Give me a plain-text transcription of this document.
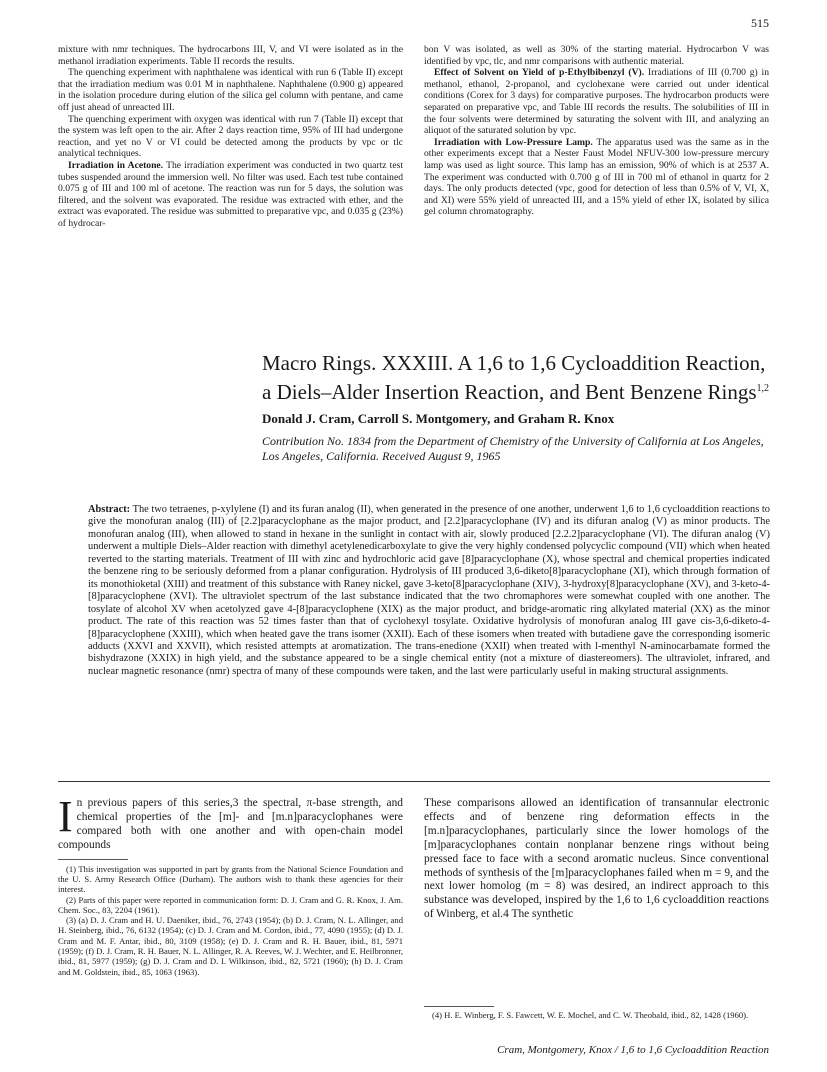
515

mixture with nmr techniques. The hydrocarbons III, V, and VI were isolated as in the methanol irradiation experiments. Table II records the results.

The quenching experiment with naphthalene was identical with run 6 (Table II) except that the irradiation medium was 0.01 M in naphthalene. Naphthalene (0.900 g) appeared in the isolation procedure during elution of the silica gel column with pentane, and came off just ahead of unreacted III.

The quenching experiment with oxygen was identical with run 7 (Table II) except that the system was left open to the air. After 2 days reaction time, 95% of III had undergone reaction, and yet no V or VI could be detected among the products by vpc or tlc analytical techniques.

Irradiation in Acetone. The irradiation experiment was conducted in two quartz test tubes suspended around the immersion well. No filter was used. Each test tube contained 0.075 g of III and 100 ml of acetone. The reaction was run for 5 days, the solution was filtered, and the solvent was evaporated. The residue was extracted with ether, and the extract was evaporated. The residue was submitted to preparative vpc, and 0.035 g (23%) of hydrocar-

bon V was isolated, as well as 30% of the starting material. Hydrocarbon V was identified by vpc, tlc, and nmr comparisons with authentic material.

Effect of Solvent on Yield of p-Ethylbibenzyl (V). Irradiations of III (0.700 g) in methanol, ethanol, 2-propanol, and cyclohexane were carried out under identical conditions (Corex for 3 days) for comparative purposes. The hydrocarbon products were separated on preparative vpc, and Table III records the results. The solubilities of III in the four solvents were determined by saturating the solvent with III, and analyzing an aliquot of the saturated solution by vpc.

Irradiation with Low-Pressure Lamp. The apparatus used was the same as in the other experiments except that a Nester Faust Model NFUV-300 low-pressure mercury lamp was used as light source. This lamp has an emission, 90% of which is at 2537 A. The experiment was conducted with 0.700 g of III in 700 ml of ethanol in quartz for 2 days. The only products detected (vpc, good for detection of less than 0.5% of V, VI, X, and XI) were 55% yield of unreacted III, and a 15% yield of ether IX, isolated by silica gel column chromatography.

Macro Rings. XXXIII. A 1,6 to 1,6 Cycloaddition Reaction,
a Diels–Alder Insertion Reaction, and Bent Benzene Rings$^{1,2}$
Donald J. Cram, Carroll S. Montgomery, and Graham R. Knox
Contribution No. 1834 from the Department of Chemistry of the University of California at Los Angeles, Los Angeles, California. Received August 9, 1965
Abstract: The two tetraenes, p-xylylene (I) and its furan analog (II), when generated in the presence of one another, underwent 1,6 to 1,6 cycloaddition reactions to give the monofuran analog (III) of [2.2]paracyclophane as the major product, and [2.2]paracyclophane (IV) and its difuran analog (V) as minor products. The monofuran analog (III), when allowed to stand in hexane in the sunlight in contact with air, slowly produced [2.2.2]paracyclophane (VI). The difuran analog (V) underwent a multiple Diels–Alder reaction with dimethyl acetylenedicarboxylate to give the very highly condensed polycyclic compound (VII) which when heated reverted to the starting materials. Treatment of III with zinc and hydrochloric acid gave [8]paracyclophane (X), whose spectral and chemical properties indicated the benzene ring to be seriously deformed from a planar configuration. Hydrolysis of III produced 3,6-diketo[8]paracyclophane (XI), which through formation of its monothioketal (XIII) and treatment of this substance with Raney nickel, gave 3-keto[8]paracyclophane (XIV), 3-hydroxy[8]paracyclophane (XV), and 3-keto-4-[8]paracyclophene (XVI). The ultraviolet spectrum of the last substance indicated that the two chromaphores were somewhat coupled with one another. The tosylate of alcohol XV when acetolyzed gave 4-[8]paracyclophene (XIX) as the major product, and bridge-aromatic ring alkylated material (XX) as the minor product. The rate of this reaction was 52 times faster than that of cyclohexyl tosylate. Oxidative hydrolysis of monofuran analog III gave cis-3,6-diketo-4-[8]paracyclophene (XXIII), which when heated gave the trans isomer (XXII). Each of these isomers when treated with butadiene gave the corresponding isomeric adducts (XXVI and XXVII), which resisted attempts at aromatization. The trans-enedione (XXII) when treated with l-menthyl N-aminocarbamate formed the bishydrazone (XXIX) in high yield, and the substance appeared to be a single chemical entity (not a mixture of diastereomers). The ultraviolet, infrared, and nuclear magnetic resonance (nmr) spectra of many of these compounds were taken, and the last were particularly useful in making structural assignments.
In previous papers of this series,3 the spectral, π-base strength, and chemical properties of the [m]- and [m.n]paracyclophanes were compared both with one another and with open-chain model compounds

(1) This investigation was supported in part by grants from the National Science Foundation and the U. S. Army Research Office (Durham). The authors wish to thank these agencies for their interest.

(2) Parts of this paper were reported in communication form: D. J. Cram and G. R. Knox, J. Am. Chem. Soc., 83, 2204 (1961).

(3) (a) D. J. Cram and H. U. Daeniker, ibid., 76, 2743 (1954); (b) D. J. Cram, N. L. Allinger, and H. Steinberg, ibid., 76, 6132 (1954); (c) D. J. Cram and M. Cordon, ibid., 77, 4090 (1955); (d) D. J. Cram and M. F. Antar, ibid., 80, 3109 (1958); (e) D. J. Cram and R. H. Bauer, ibid., 81, 5971 (1959); (f) D. J. Cram, R. H. Bauer, N. L. Allinger, R. A. Reeves, W. J. Wechter, and E. Heilbronner, ibid., 81, 5977 (1959); (g) D. J. Cram and D. I. Wilkinson, ibid., 82, 5721 (1960); (h) D. J. Cram and M. Goldstein, ibid., 85, 1063 (1963).

These comparisons allowed an identification of transannular electronic effects and of benzene ring deformation effects in the [m.n]paracyclophanes, particularly since the lower homologs of the [m]paracyclophanes contain nonplanar benzene rings without being pressed face to face with a second aromatic nucleus. Since conventional methods of synthesis of the [m]paracyclophanes failed when m = 9, and the next lower homolog (m = 8) was desired, an indirect approach to this substance was developed, inspired by the 1,6 to 1,6 cycloaddition reactions of Winberg, et al.4 The synthetic
(4) H. E. Winberg, F. S. Fawcett, W. E. Mochel, and C. W. Theobald, ibid., 82, 1428 (1960).
Cram, Montgomery, Knox / 1,6 to 1,6 Cycloaddition Reaction
